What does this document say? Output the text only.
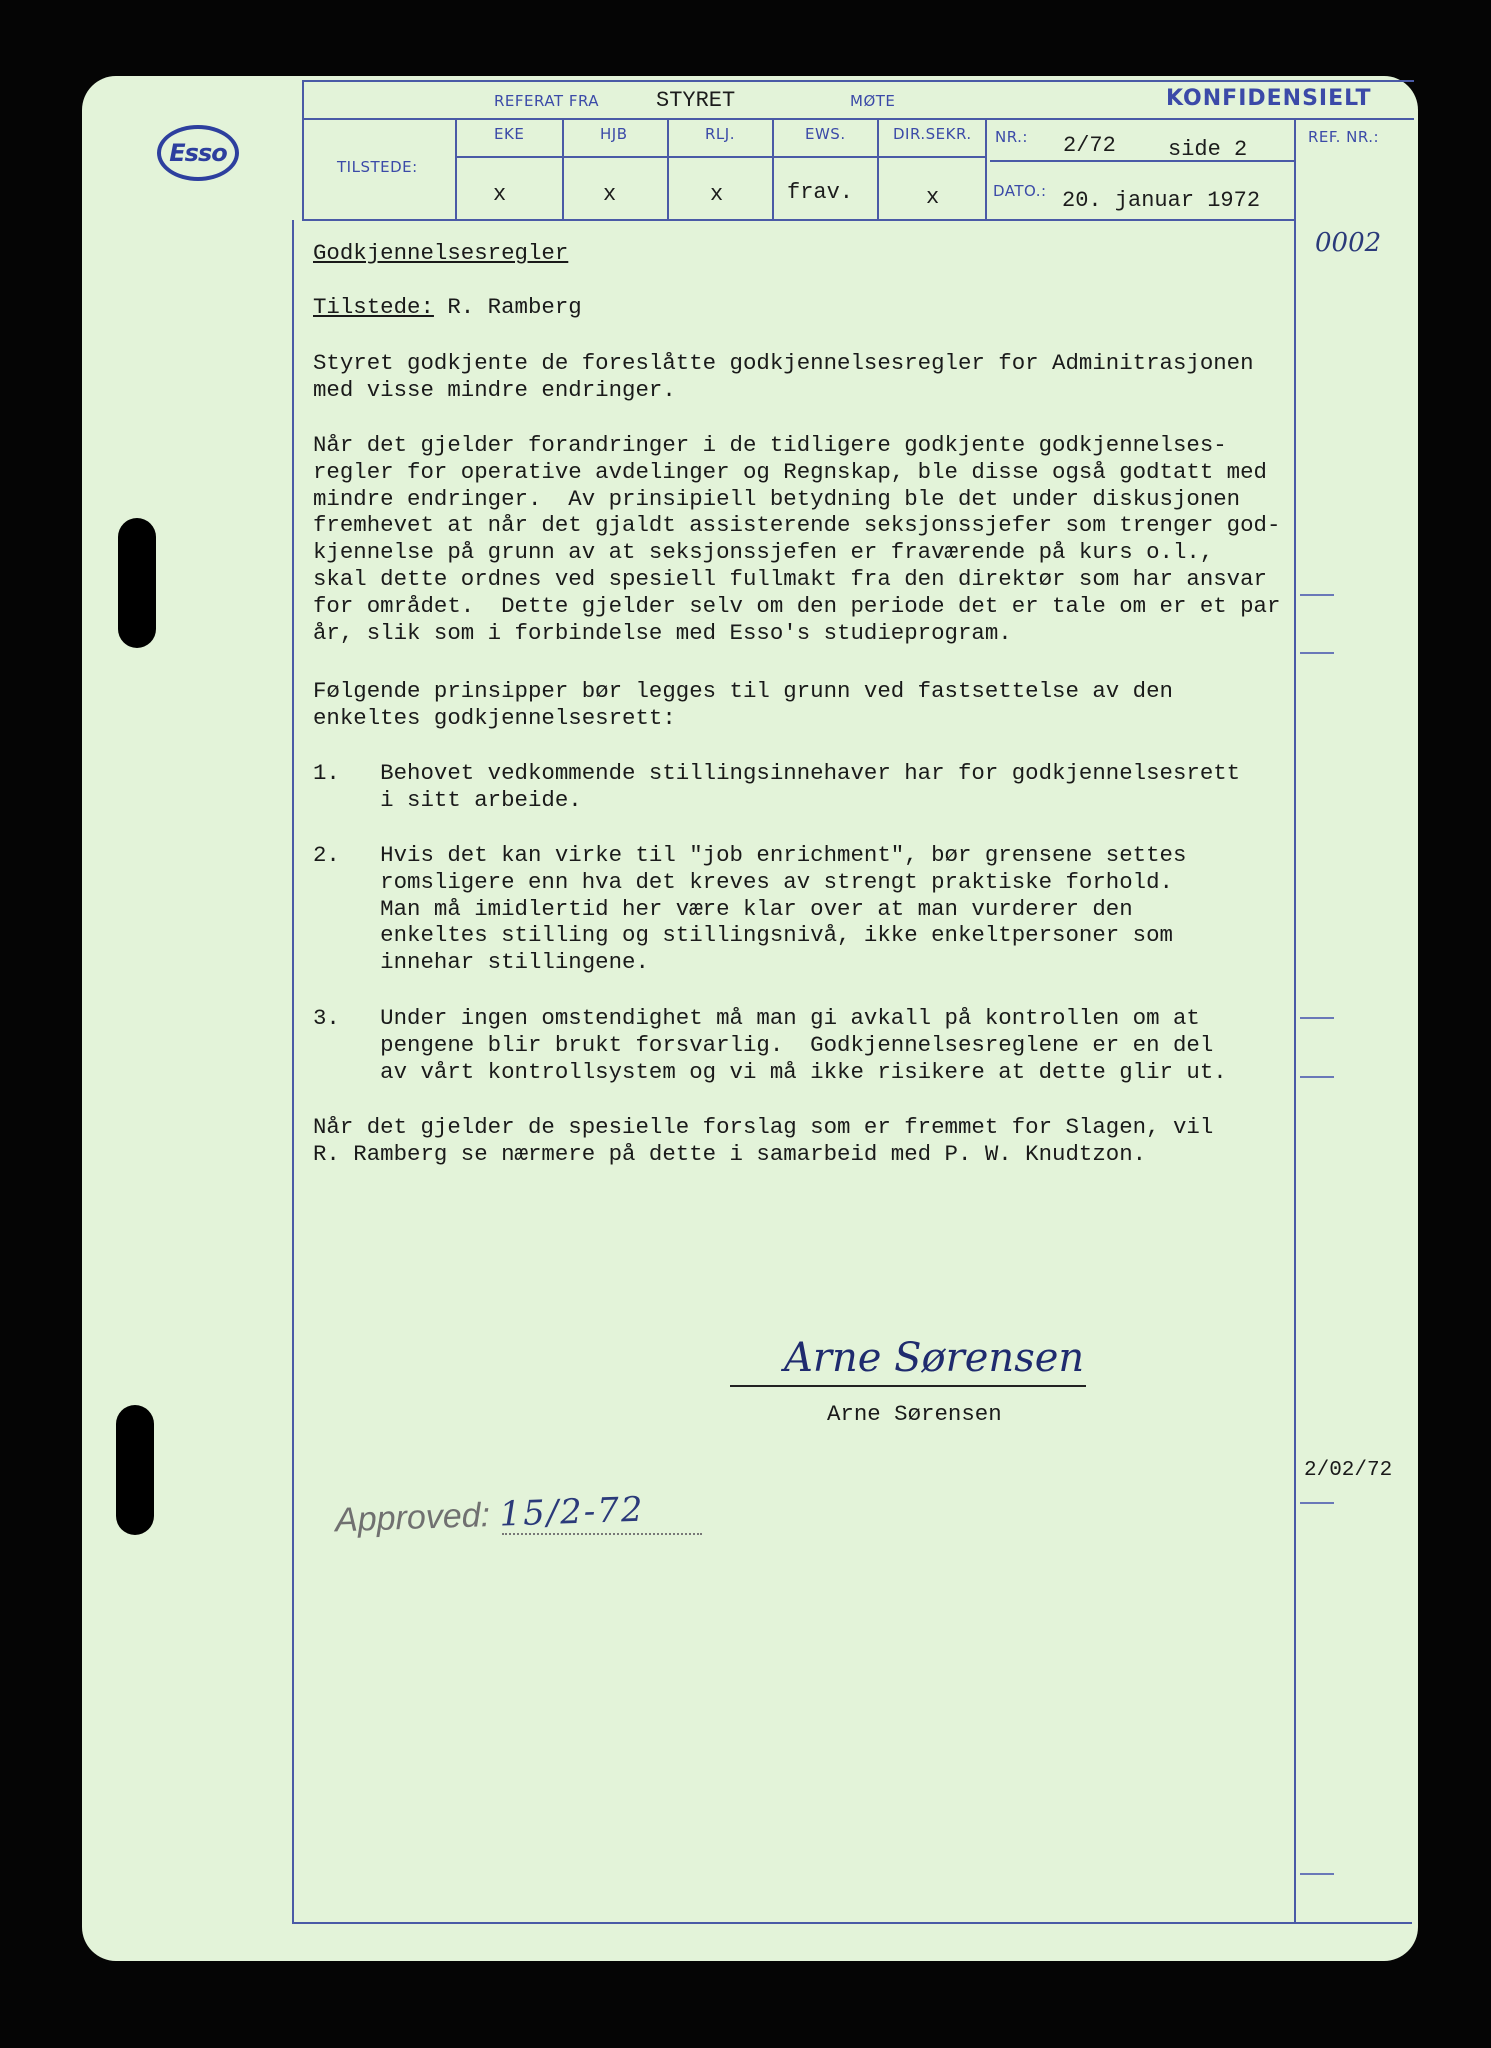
Esso
REFERAT FRA	STYRET	MØTE	KONFIDENSIELT
TILSTEDE:
EKE	HJB	RLJ.	EWS.	DIR.SEKR.
x	x	x	frav.	x
NR.: 2/72 side 2
DATO.: 20. januar 1972
REF. NR.:
0002
Godkjennelsesregler
Tilstede: R. Ramberg
Styret godkjente de foreslåtte godkjennelsesregler for Adminitrasjonen
med visse mindre endringer.
Når det gjelder forandringer i de tidligere godkjente godkjennelses-
regler for operative avdelinger og Regnskap, ble disse også godtatt med
mindre endringer.  Av prinsipiell betydning ble det under diskusjonen
fremhevet at når det gjaldt assisterende seksjonssjefer som trenger god-
kjennelse på grunn av at seksjonssjefen er fraværende på kurs o.l.,
skal dette ordnes ved spesiell fullmakt fra den direktør som har ansvar
for området.  Dette gjelder selv om den periode det er tale om er et par
år, slik som i forbindelse med Esso's studieprogram.
Følgende prinsipper bør legges til grunn ved fastsettelse av den
enkeltes godkjennelsesrett:
1.   Behovet vedkommende stillingsinnehaver har for godkjennelsesrett
i sitt arbeide.
2.   Hvis det kan virke til "job enrichment", bør grensene settes
romsligere enn hva det kreves av strengt praktiske forhold.
Man må imidlertid her være klar over at man vurderer den
enkeltes stilling og stillingsnivå, ikke enkeltpersoner som
innehar stillingene.
3.   Under ingen omstendighet må man gi avkall på kontrollen om at
pengene blir brukt forsvarlig.  Godkjennelsesreglene er en del
av vårt kontrollsystem og vi må ikke risikere at dette glir ut.
Når det gjelder de spesielle forslag som er fremmet for Slagen, vil
R. Ramberg se nærmere på dette i samarbeid med P. W. Knudtzon.
Arne Sørensen
Arne Sørensen
2/02/72
Approved: 15/2-72
